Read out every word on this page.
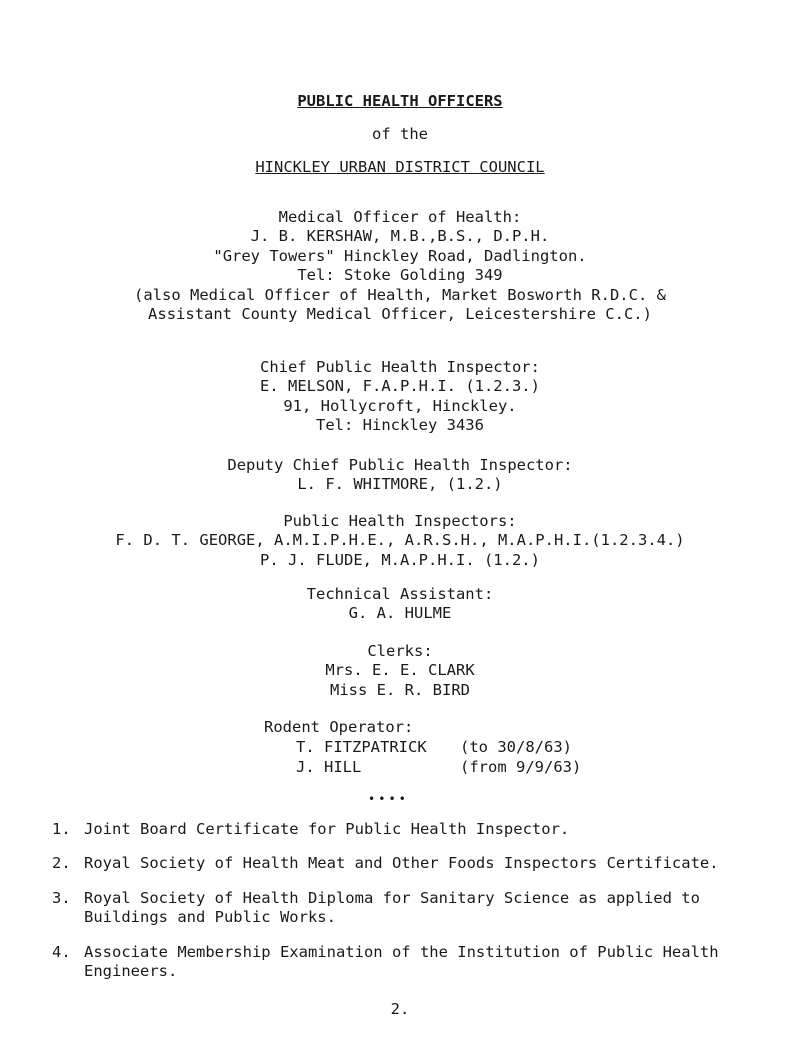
PUBLIC HEALTH OFFICERS
of the
HINCKLEY URBAN DISTRICT COUNCIL
Medical Officer of Health:
J. B. KERSHAW, M.B.,B.S., D.P.H.
"Grey Towers" Hinckley Road, Dadlington.
Tel: Stoke Golding 349
(also Medical Officer of Health, Market Bosworth R.D.C. &
Assistant County Medical Officer, Leicestershire C.C.)
Chief Public Health Inspector:
E. MELSON, F.A.P.H.I. (1.2.3.)
91, Hollycroft, Hinckley.
Tel: Hinckley 3436
Deputy Chief Public Health Inspector:
L. F. WHITMORE, (1.2.)
Public Health Inspectors:
F. D. T. GEORGE, A.M.I.P.H.E., A.R.S.H., M.A.P.H.I.(1.2.3.4.)
P. J. FLUDE, M.A.P.H.I. (1.2.)
Technical Assistant:
G. A. HULME
Clerks:
Mrs. E. E. CLARK
Miss E. R. BIRD
Rodent Operator:
T. FITZPATRICK (to 30/8/63)
J. HILL	(from 9/9/63)
••••
1. Joint Board Certificate for Public Health Inspector.
2. Royal Society of Health Meat and Other Foods Inspectors Certificate.
3. Royal Society of Health Diploma for Sanitary Science as applied to Buildings and Public Works.
4. Associate Membership Examination of the Institution of Public Health Engineers.
2.
